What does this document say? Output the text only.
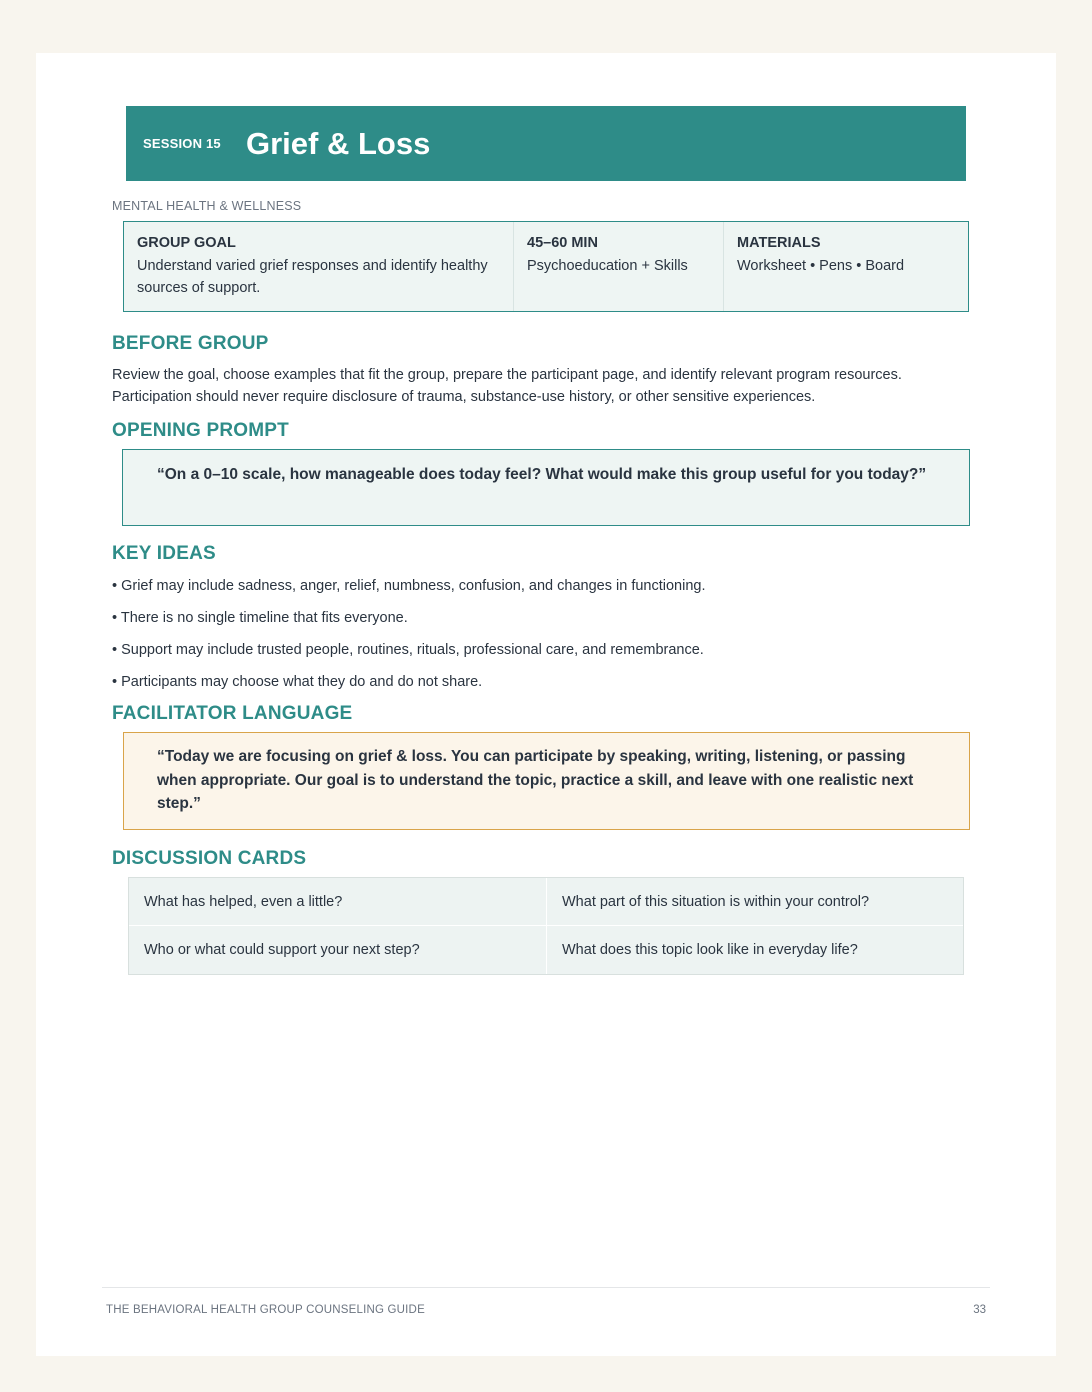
SESSION 15 Grief & Loss
MENTAL HEALTH & WELLNESS
GROUP GOAL
Understand varied grief responses and identify healthy sources of support.
45–60 MIN
Psychoeducation + Skills
MATERIALS
Worksheet • Pens • Board
BEFORE GROUP
Review the goal, choose examples that fit the group, prepare the participant page, and identify relevant program resources. Participation should never require disclosure of trauma, substance-use history, or other sensitive experiences.
OPENING PROMPT
“On a 0–10 scale, how manageable does today feel? What would make this group useful for you today?”
KEY IDEAS
• Grief may include sadness, anger, relief, numbness, confusion, and changes in functioning.
• There is no single timeline that fits everyone.
• Support may include trusted people, routines, rituals, professional care, and remembrance.
• Participants may choose what they do and do not share.
FACILITATOR LANGUAGE
“Today we are focusing on grief & loss. You can participate by speaking, writing, listening, or passing when appropriate. Our goal is to understand the topic, practice a skill, and leave with one realistic next step.”
DISCUSSION CARDS
What has helped, even a little?	What part of this situation is within your control?
Who or what could support your next step?	What does this topic look like in everyday life?
THE BEHAVIORAL HEALTH GROUP COUNSELING GUIDE	33
